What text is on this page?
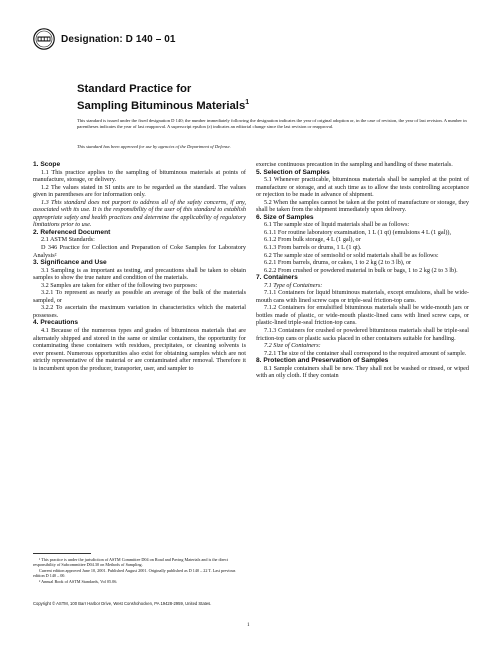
Designation: D 140 – 01
Standard Practice for
Sampling Bituminous Materials$^1$
This standard is issued under the fixed designation D 140; the number immediately following the designation indicates the year of original adoption or, in the case of revision, the year of last revision. A number in parentheses indicates the year of last reapproval. A superscript epsilon (ε) indicates an editorial change since the last revision or reapproval.
This standard has been approved for use by agencies of the Department of Defense.

1. Scope

1.1 This practice applies to the sampling of bituminous materials at points of manufacture, storage, or delivery.

1.2 The values stated in SI units are to be regarded as the standard. The values given in parentheses are for information only.

1.3 This standard does not purport to address all of the safety concerns, if any, associated with its use. It is the responsibility of the user of this standard to establish appropriate safety and health practices and determine the applicability of regulatory limitations prior to use.

2. Referenced Document

2.1 ASTM Standards:

D 346 Practice for Collection and Preparation of Coke Samples for Laboratory Analysis²

3. Significance and Use

3.1 Sampling is as important as testing, and precautions shall be taken to obtain samples to show the true nature and condition of the materials.

3.2 Samples are taken for either of the following two purposes:

3.2.1 To represent as nearly as possible an average of the bulk of the materials sampled, or

3.2.2 To ascertain the maximum variation in characteristics which the material possesses.

4. Precautions

4.1 Because of the numerous types and grades of bituminous materials that are alternately shipped and stored in the same or similar containers, the opportunity for contaminating these containers with residues, precipitates, or cleaning solvents is ever present. Numerous opportunities also exist for obtaining samples which are not strictly representative of the material or are contaminated after removal. Therefore it is incumbent upon the producer, transporter, user, and sampler to

¹ This practice is under the jurisdiction of ASTM Committee D04 on Road and Paving Materials and is the direct responsibility of Subcommittee D04.30 on Methods of Sampling.

Current edition approved June 10, 2001. Published August 2001. Originally published as D 140 – 22 T. Last previous edition D 140 – 00.

² Annual Book of ASTM Standards, Vol 05.06.

exercise continuous precaution in the sampling and handling of these materials.

5. Selection of Samples

5.1 Whenever practicable, bituminous materials shall be sampled at the point of manufacture or storage, and at such time as to allow the tests controlling acceptance or rejection to be made in advance of shipment.

5.2 When the samples cannot be taken at the point of manufacture or storage, they shall be taken from the shipment immediately upon delivery.

6. Size of Samples

6.1 The sample size of liquid materials shall be as follows:

6.1.1 For routine laboratory examination, 1 L (1 qt) (emulsions 4 L (1 gal)),

6.1.2 From bulk storage, 4 L (1 gal), or

6.1.3 From barrels or drums, 1 L (1 qt).

6.2 The sample size of semisolid or solid materials shall be as follows:

6.2.1 From barrels, drums, or cakes, 1 to 2 kg (2 to 3 lb), or

6.2.2 From crushed or powdered material in bulk or bags, 1 to 2 kg (2 to 3 lb).

7. Containers

7.1 Type of Containers:

7.1.1 Containers for liquid bituminous materials, except emulsions, shall be wide-mouth cans with lined screw caps or triple-seal friction-top cans.

7.1.2 Containers for emulsified bituminous materials shall be wide-mouth jars or bottles made of plastic, or wide-mouth plastic-lined cans with lined screw caps, or plastic-lined triple-seal friction-top cans.

7.1.3 Containers for crushed or powdered bituminous materials shall be triple-seal friction-top cans or plastic sacks placed in other containers suitable for handling.

7.2 Size of Containers:

7.2.1 The size of the container shall correspond to the required amount of sample.

8. Protection and Preservation of Samples

8.1 Sample containers shall be new. They shall not be washed or rinsed, or wiped with an oily cloth. If they contain

Copyright © ASTM, 100 Barr Harbor Drive, West Conshohocken, PA 19428-2959, United States.
1
